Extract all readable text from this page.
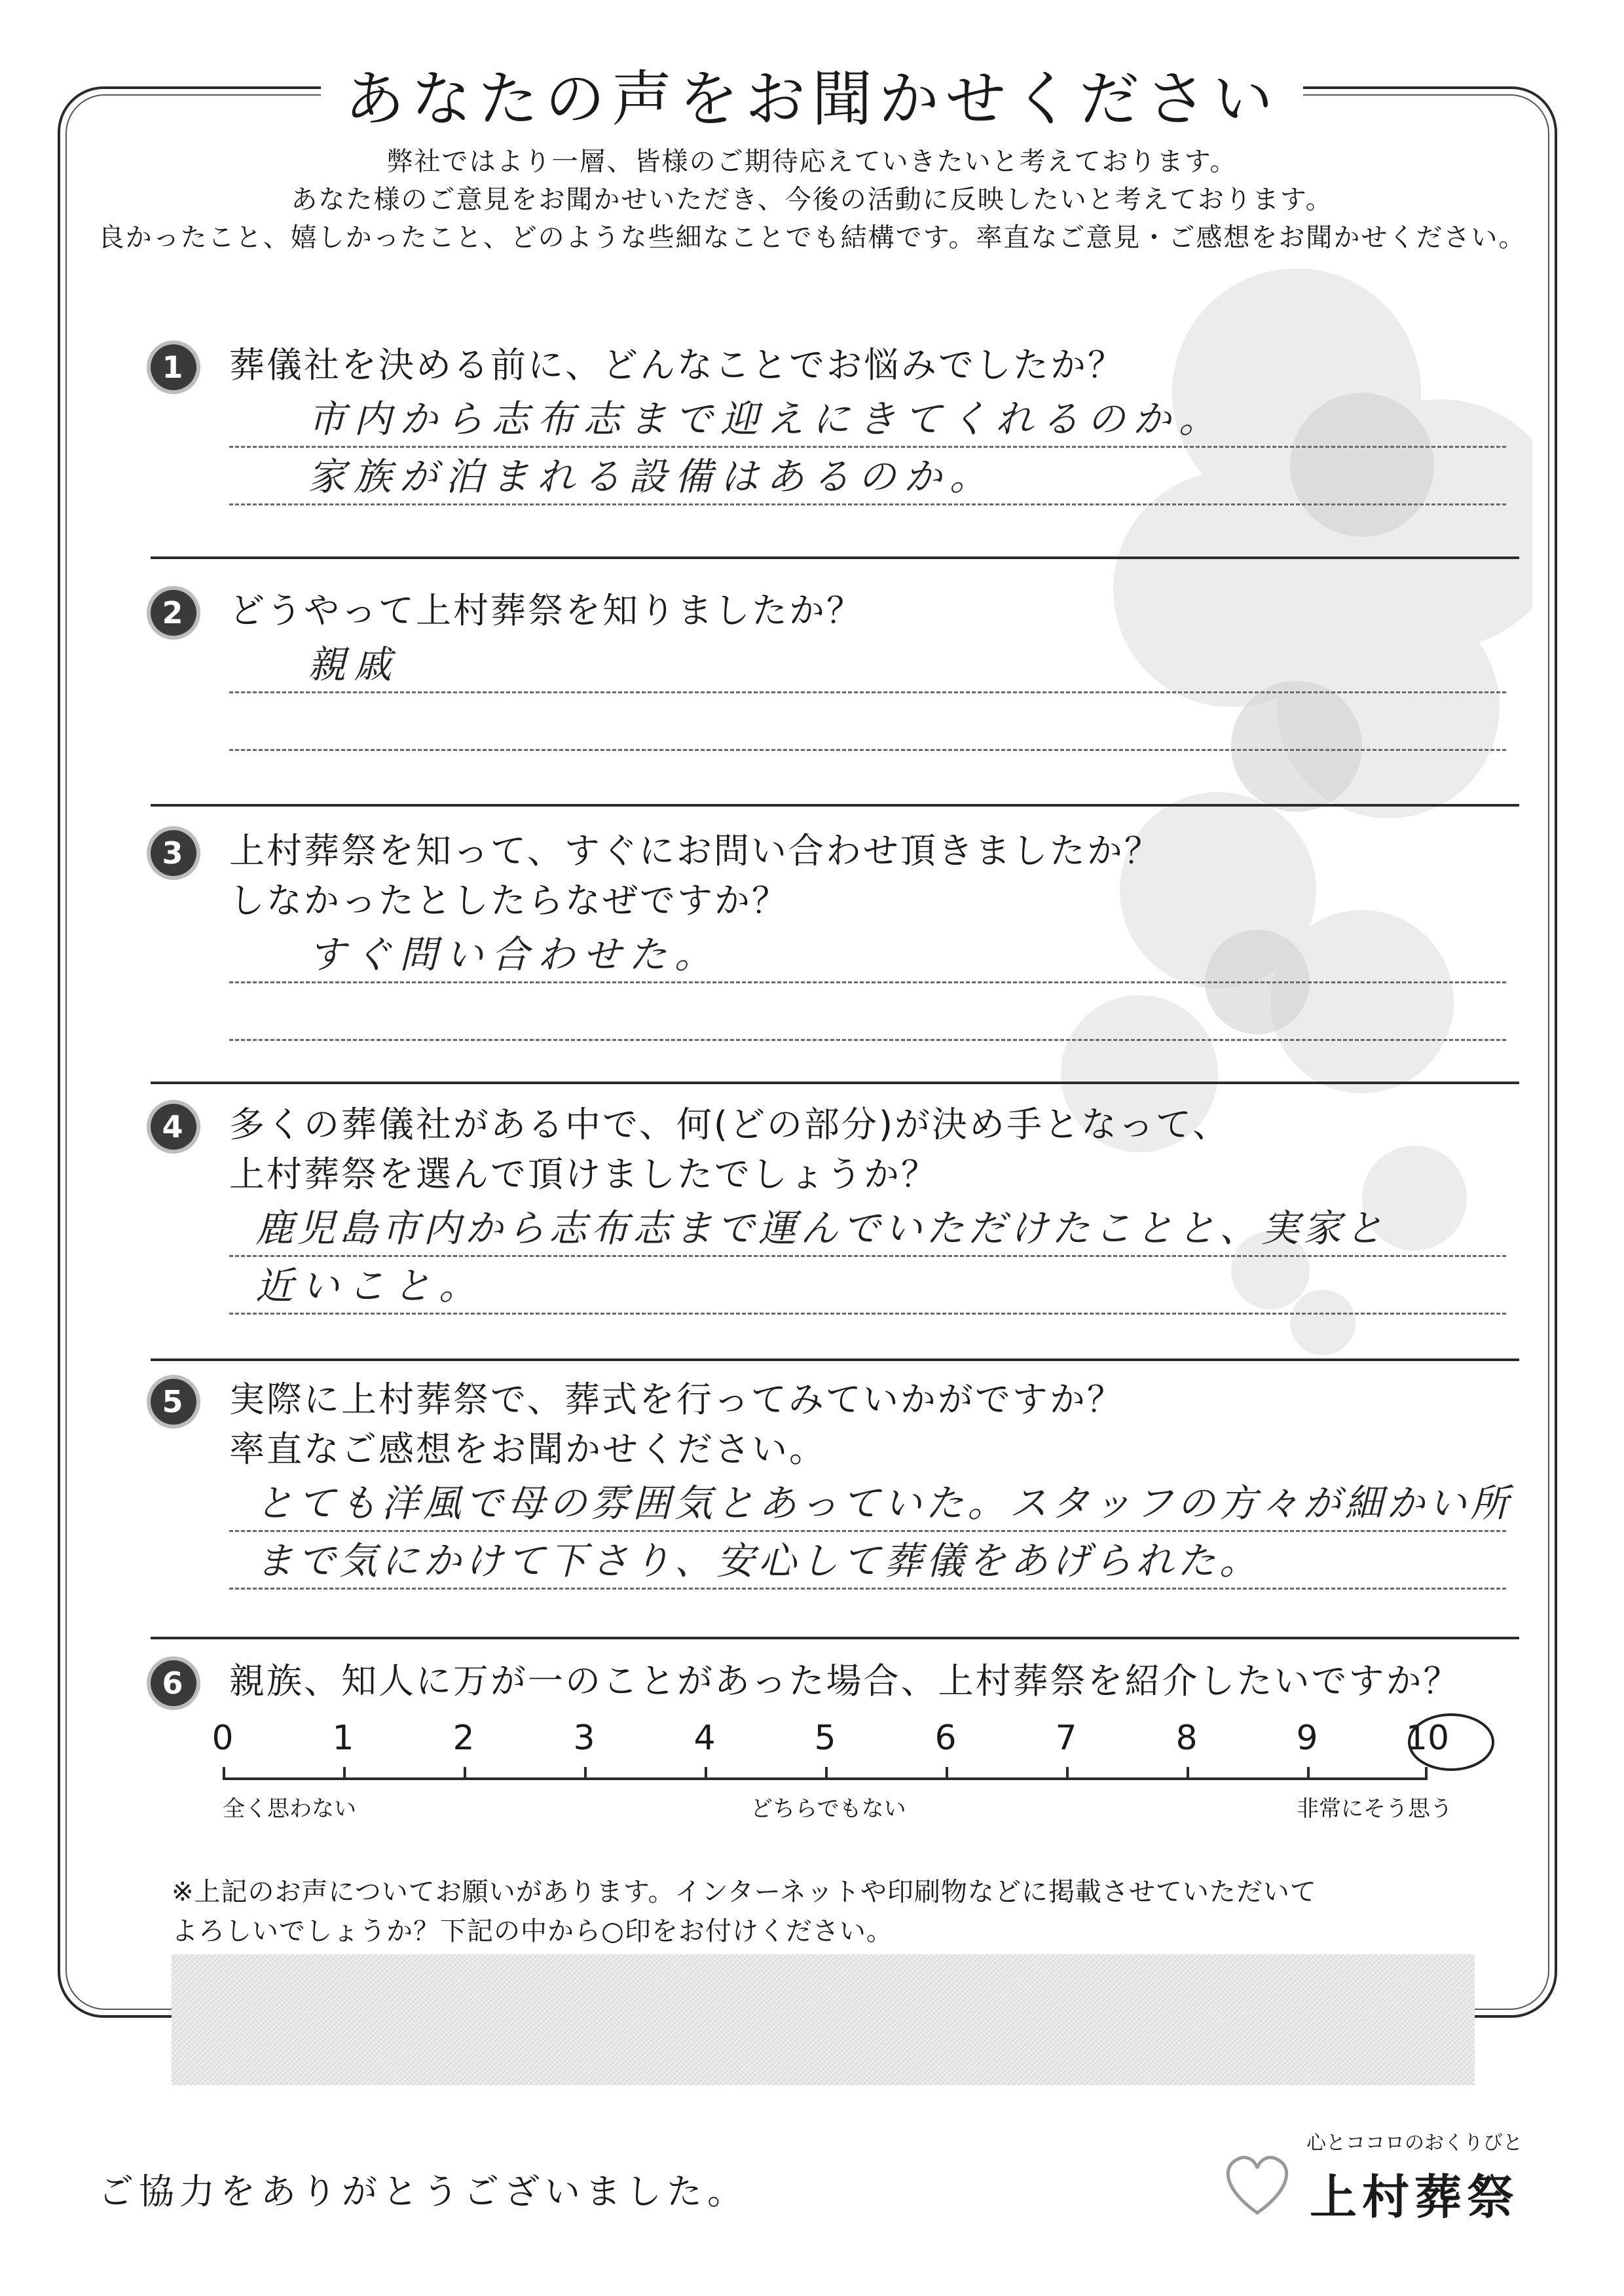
あなたの声をお聞かせください
弊社ではより一層、皆様のご期待応えていきたいと考えております。
あなた様のご意見をお聞かせいただき、今後の活動に反映したいと考えております。
良かったこと、嬉しかったこと、どのような些細なことでも結構です。率直なご意見・ご感想をお聞かせください。
1	葬儀社を決める前に、どんなことでお悩みでしたか？
市内から志布志まで迎えにきてくれるのか。
家族が泊まれる設備はあるのか。
2	どうやって上村葬祭を知りましたか？
親戚
3	上村葬祭を知って、すぐにお問い合わせ頂きましたか？
しなかったとしたらなぜですか？
すぐ問い合わせた。
4	多くの葬儀社がある中で、何(どの部分)が決め手となって、
上村葬祭を選んで頂けましたでしょうか？
鹿児島市内から志布志まで運んでいただけたことと、実家と
近いこと。
5	実際に上村葬祭で、葬式を行ってみていかがですか？
率直なご感想をお聞かせください。
とても洋風で母の雰囲気とあっていた。スタッフの方々が細かい所
まで気にかけて下さり、安心して葬儀をあげられた。
6	親族、知人に万が一のことがあった場合、上村葬祭を紹介したいですか？
0	1	2	3	4	5	6	7	8	9	10
全く思わない	どちらでもない	非常にそう思う
※上記のお声についてお願いがあります。インターネットや印刷物などに掲載させていただいて
よろしいでしょうか？下記の中から○印をお付けください。
ご協力をありがとうございました。
心とココロのおくりびと
上村葬祭
